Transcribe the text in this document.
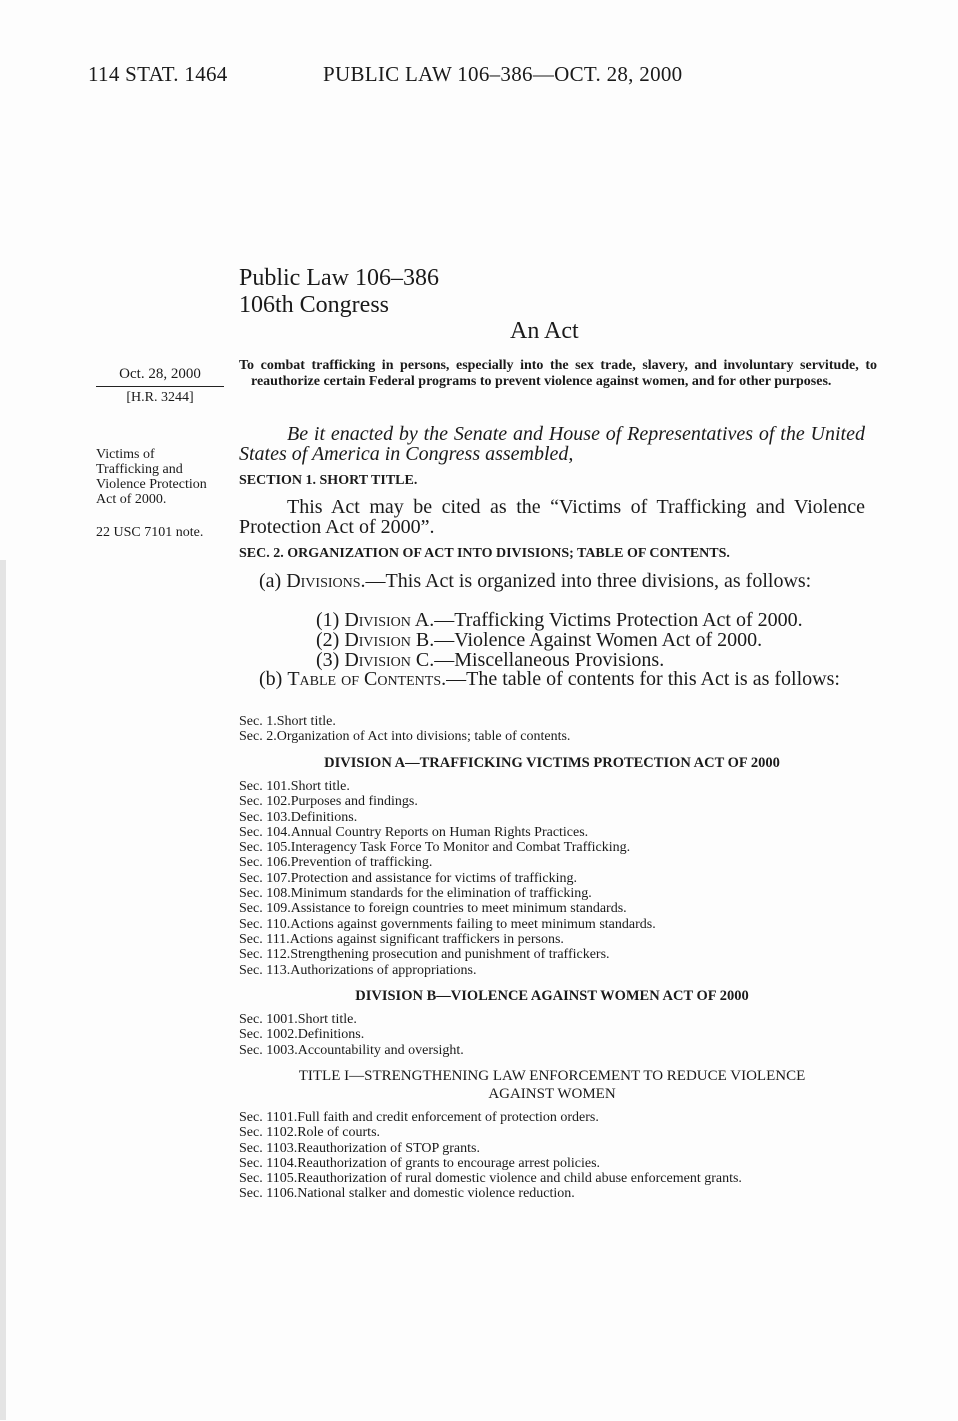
114 STAT. 1464	PUBLIC LAW 106–386—OCT. 28, 2000
Public Law 106–386
106th Congress
An Act
Oct. 28, 2000
[H.R. 3244]
Victims of Trafficking and Violence Protection Act of 2000.
22 USC 7101 note.
To combat trafficking in persons, especially into the sex trade, slavery, and involuntary servitude, to reauthorize certain Federal programs to prevent violence against women, and for other purposes.
Be it enacted by the Senate and House of Representatives of the United States of America in Congress assembled,
SECTION 1. SHORT TITLE.
This Act may be cited as the “Victims of Trafficking and Violence Protection Act of 2000”.
SEC. 2. ORGANIZATION OF ACT INTO DIVISIONS; TABLE OF CONTENTS.
(a) Divisions.—This Act is organized into three divisions, as follows:
(1) Division A.—Trafficking Victims Protection Act of 2000.
(2) Division B.—Violence Against Women Act of 2000.
(3) Division C.—Miscellaneous Provisions.
(b) Table of Contents.—The table of contents for this Act is as follows:
Sec. 1.Short title.
Sec. 2.Organization of Act into divisions; table of contents.
DIVISION A—TRAFFICKING VICTIMS PROTECTION ACT OF 2000
Sec. 101.Short title.
Sec. 102.Purposes and findings.
Sec. 103.Definitions.
Sec. 104.Annual Country Reports on Human Rights Practices.
Sec. 105.Interagency Task Force To Monitor and Combat Trafficking.
Sec. 106.Prevention of trafficking.
Sec. 107.Protection and assistance for victims of trafficking.
Sec. 108.Minimum standards for the elimination of trafficking.
Sec. 109.Assistance to foreign countries to meet minimum standards.
Sec. 110.Actions against governments failing to meet minimum standards.
Sec. 111.Actions against significant traffickers in persons.
Sec. 112.Strengthening prosecution and punishment of traffickers.
Sec. 113.Authorizations of appropriations.
DIVISION B—VIOLENCE AGAINST WOMEN ACT OF 2000
Sec. 1001.Short title.
Sec. 1002.Definitions.
Sec. 1003.Accountability and oversight.
TITLE I—STRENGTHENING LAW ENFORCEMENT TO REDUCE VIOLENCE AGAINST WOMEN
Sec. 1101.Full faith and credit enforcement of protection orders.
Sec. 1102.Role of courts.
Sec. 1103.Reauthorization of STOP grants.
Sec. 1104.Reauthorization of grants to encourage arrest policies.
Sec. 1105.Reauthorization of rural domestic violence and child abuse enforcement grants.
Sec. 1106.National stalker and domestic violence reduction.
